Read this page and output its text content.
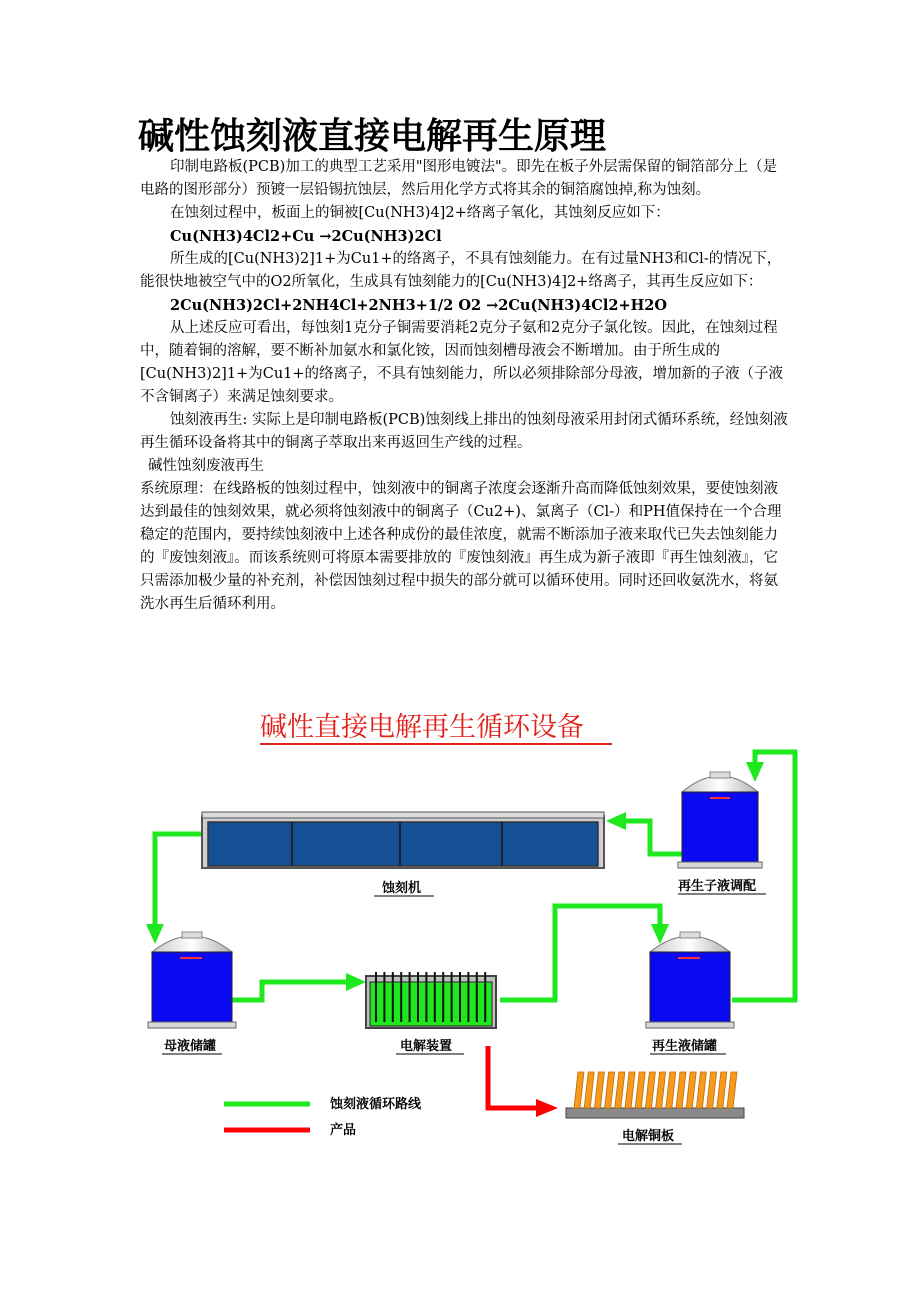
碱性蚀刻液直接电解再生原理

印制电路板(PCB)加工的典型工艺采用"图形电镀法"。即先在板子外层需保留的铜箔部分上（是电路的图形部分）预镀一层铅锡抗蚀层，然后用化学方式将其余的铜箔腐蚀掉,称为蚀刻。

在蚀刻过程中，板面上的铜被[Cu(NH3)4]2+络离子氧化，其蚀刻反应如下：

Cu(NH3)4Cl2+Cu →2Cu(NH3)2Cl

所生成的[Cu(NH3)2]1+为Cu1+的络离子，不具有蚀刻能力。在有过量NH3和Cl-的情况下，能很快地被空气中的O2所氧化，生成具有蚀刻能力的[Cu(NH3)4]2+络离子，其再生反应如下：

2Cu(NH3)2Cl+2NH4Cl+2NH3+1/2 O2 →2Cu(NH3)4Cl2+H2O

从上述反应可看出，每蚀刻1克分子铜需要消耗2克分子氨和2克分子氯化铵。因此，在蚀刻过程中，随着铜的溶解，要不断补加氨水和氯化铵，因而蚀刻槽母液会不断增加。由于所生成的[Cu(NH3)2]1+为Cu1+的络离子，不具有蚀刻能力，所以必须排除部分母液，增加新的子液（子液不含铜离子）来满足蚀刻要求。

蚀刻液再生: 实际上是印制电路板(PCB)蚀刻线上排出的蚀刻母液采用封闭式循环系统，经蚀刻液再生循环设备将其中的铜离子萃取出来再返回生产线的过程。

碱性蚀刻废液再生

系统原理：在线路板的蚀刻过程中，蚀刻液中的铜离子浓度会逐渐升高而降低蚀刻效果，要使蚀刻液达到最佳的蚀刻效果，就必须将蚀刻液中的铜离子（Cu2+)、氯离子（Cl-）和PH值保持在一个合理稳定的范围内，要持续蚀刻液中上述各种成份的最佳浓度，就需不断添加子液来取代已失去蚀刻能力的『废蚀刻液』。而该系统则可将原本需要排放的『废蚀刻液』再生成为新子液即『再生蚀刻液』，它只需添加极少量的补充剂，补偿因蚀刻过程中损失的部分就可以循环使用。同时还回收氨洗水，将氨洗水再生后循环利用。

碱性直接电解再生循环设备
蚀刻机	再生子液调配
母液储罐	电解装置	再生液储罐
电解铜板
蚀刻液循环路线
产品
